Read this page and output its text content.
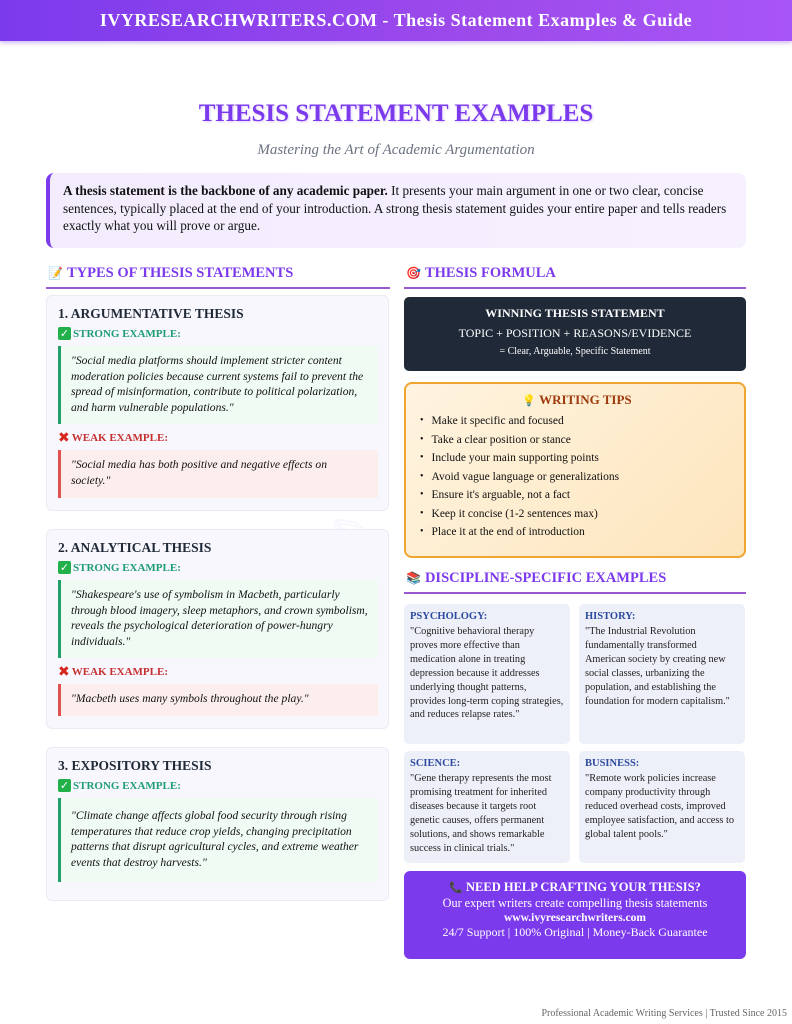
IVYRESEARCHWRITERS.COM - Thesis Statement Examples & Guide
THESIS STATEMENT EXAMPLES
Mastering the Art of Academic Argumentation
A thesis statement is the backbone of any academic paper. It presents your main argument in one or two clear, concise sentences, typically placed at the end of your introduction. A strong thesis statement guides your entire paper and tells readers exactly what you will prove or argue.
📝 TYPES OF THESIS STATEMENTS
1. ARGUMENTATIVE THESIS
✓ STRONG EXAMPLE:
"Social media platforms should implement stricter content moderation policies because current systems fail to prevent the spread of misinformation, contribute to political polarization, and harm vulnerable populations."
✖ WEAK EXAMPLE:
"Social media has both positive and negative effects on society."
2. ANALYTICAL THESIS
✓ STRONG EXAMPLE:
"Shakespeare's use of symbolism in Macbeth, particularly through blood imagery, sleep metaphors, and crown symbolism, reveals the psychological deterioration of power-hungry individuals."
✖ WEAK EXAMPLE:
"Macbeth uses many symbols throughout the play."
3. EXPOSITORY THESIS
✓ STRONG EXAMPLE:
"Climate change affects global food security through rising temperatures that reduce crop yields, changing precipitation patterns that disrupt agricultural cycles, and extreme weather events that destroy harvests."
🎯 THESIS FORMULA
WINNING THESIS STATEMENT
TOPIC + POSITION + REASONS/EVIDENCE
= Clear, Arguable, Specific Statement
💡 WRITING TIPS
• Make it specific and focused
• Take a clear position or stance
• Include your main supporting points
• Avoid vague language or generalizations
• Ensure it's arguable, not a fact
• Keep it concise (1-2 sentences max)
• Place it at the end of introduction
📚 DISCIPLINE-SPECIFIC EXAMPLES
PSYCHOLOGY:

"Cognitive behavioral therapy proves more effective than medication alone in treating depression because it addresses underlying thought patterns, provides long-term coping strategies, and reduces relapse rates."

HISTORY:

"The Industrial Revolution fundamentally transformed American society by creating new social classes, urbanizing the population, and establishing the foundation for modern capitalism."

SCIENCE:

"Gene therapy represents the most promising treatment for inherited diseases because it targets root genetic causes, offers permanent solutions, and shows remarkable success in clinical trials."

BUSINESS:

"Remote work policies increase company productivity through reduced overhead costs, improved employee satisfaction, and access to global talent pools."

📞 NEED HELP CRAFTING YOUR THESIS?
Our expert writers create compelling thesis statements
www.ivyresearchwriters.com
24/7 Support | 100% Original | Money-Back Guarantee
Professional Academic Writing Services | Trusted Since 2015
